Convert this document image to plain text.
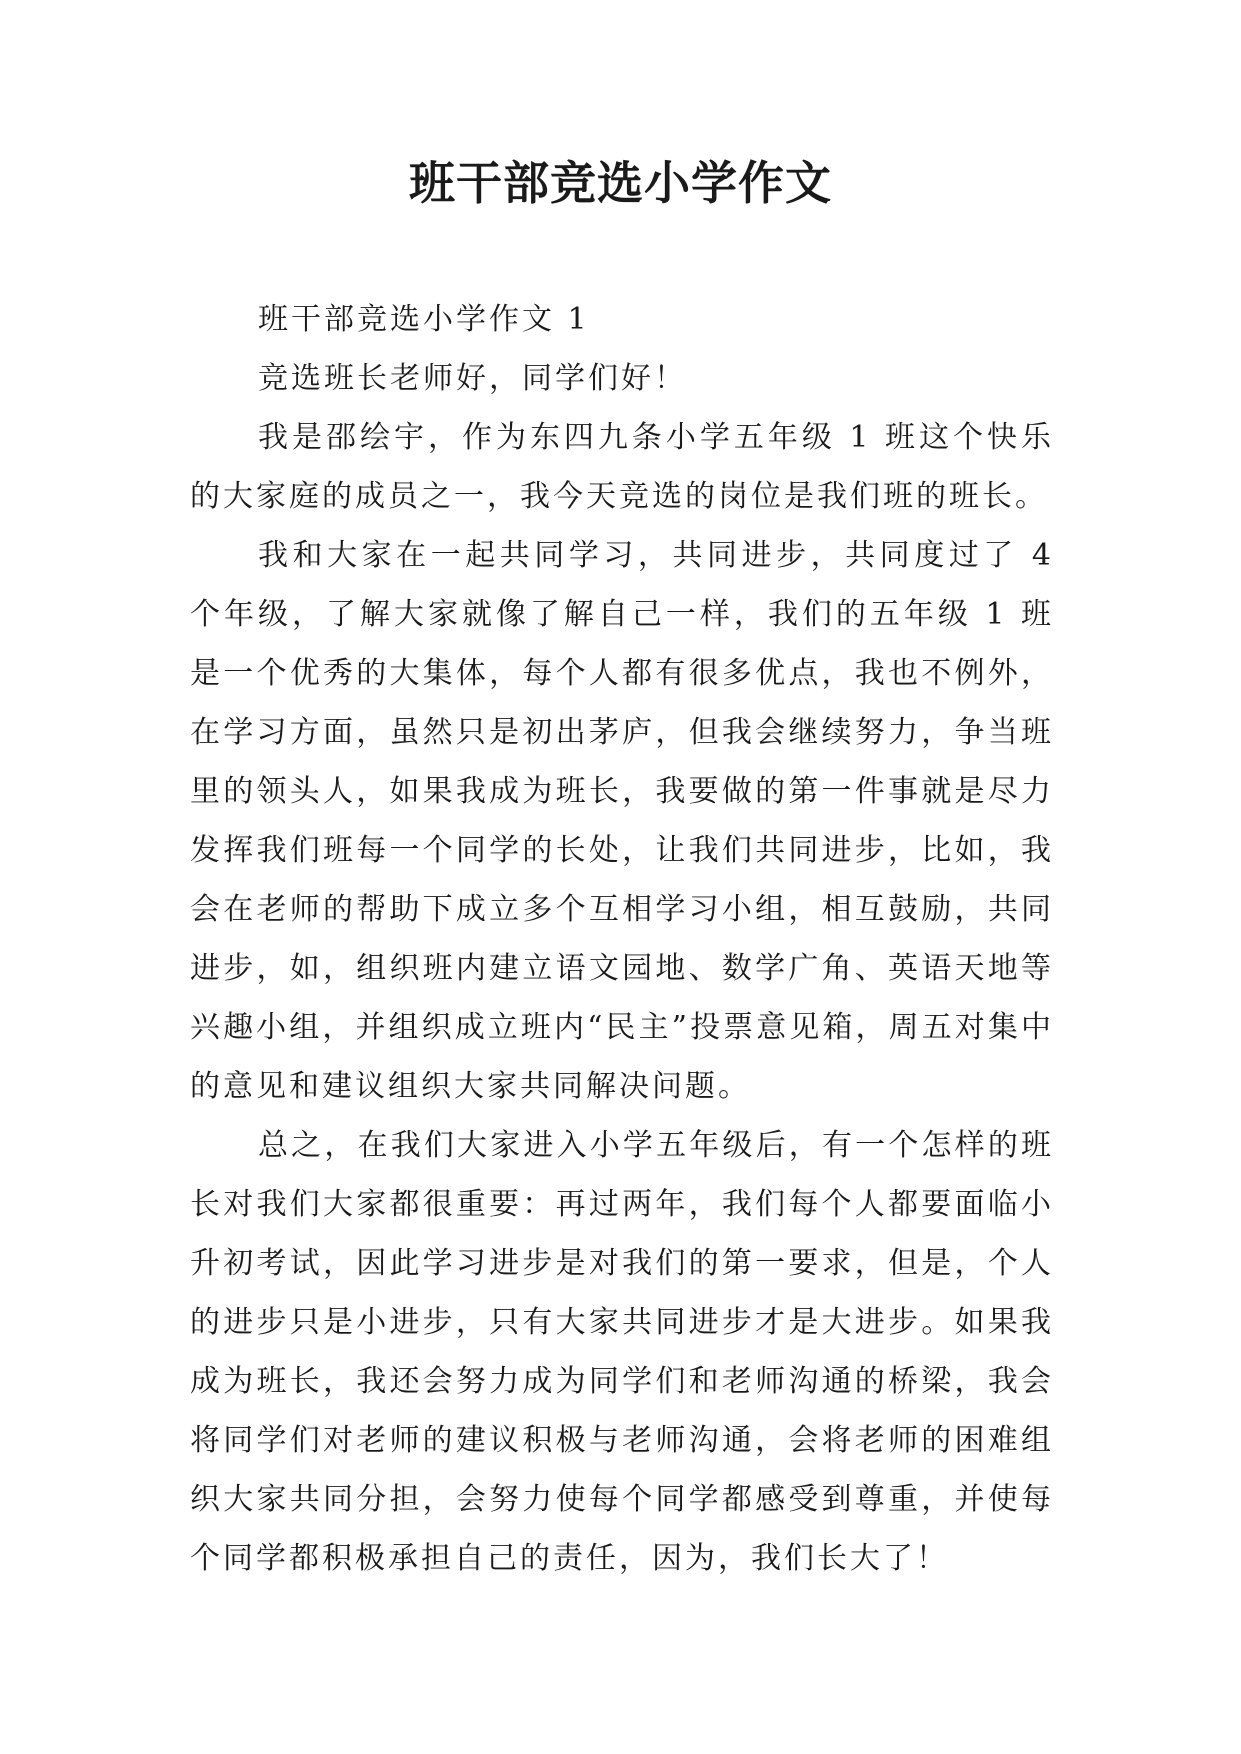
班干部竞选小学作文

班干部竞选小学作文 1

竞选班长老师好，同学们好！

我是邵绘宇，作为东四九条小学五年级 1 班这个快乐的大家庭的成员之一，我今天竞选的岗位是我们班的班长。

我和大家在一起共同学习，共同进步，共同度过了 4 个年级，了解大家就像了解自己一样，我们的五年级 1 班是一个优秀的大集体，每个人都有很多优点，我也不例外，在学习方面，虽然只是初出茅庐，但我会继续努力，争当班里的领头人，如果我成为班长，我要做的第一件事就是尽力发挥我们班每一个同学的长处，让我们共同进步，比如，我会在老师的帮助下成立多个互相学习小组，相互鼓励，共同进步，如，组织班内建立语文园地、数学广角、英语天地等兴趣小组，并组织成立班内“民主”投票意见箱，周五对集中的意见和建议组织大家共同解决问题。

总之，在我们大家进入小学五年级后，有一个怎样的班长对我们大家都很重要：再过两年，我们每个人都要面临小升初考试，因此学习进步是对我们的第一要求，但是，个人的进步只是小进步，只有大家共同进步才是大进步。如果我成为班长，我还会努力成为同学们和老师沟通的桥梁，我会将同学们对老师的建议积极与老师沟通，会将老师的困难组织大家共同分担，会努力使每个同学都感受到尊重，并使每个同学都积极承担自己的责任，因为，我们长大了！
